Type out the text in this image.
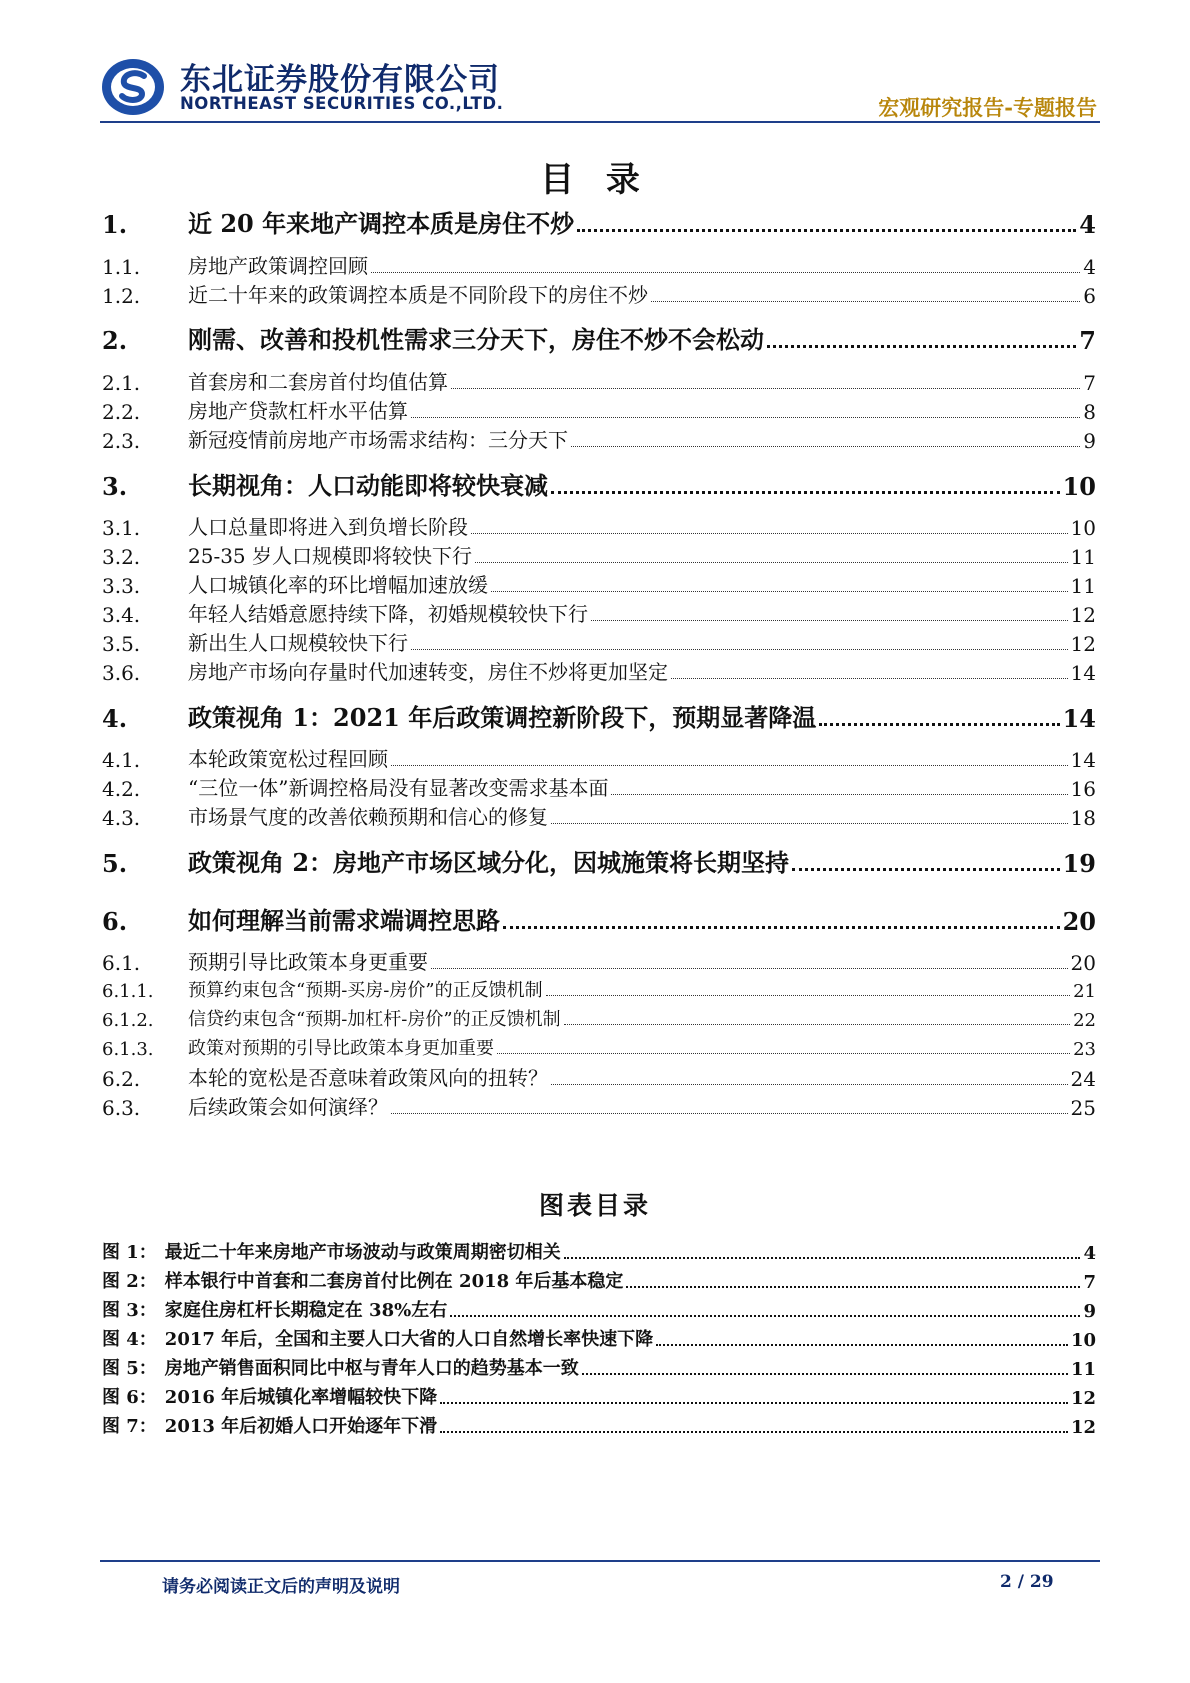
东北证券股份有限公司
NORTHEAST SECURITIES CO.,LTD.	宏观研究报告-专题报告
目 录
1.	近 20 年来地产调控本质是房住不炒	4
1.1.	房地产政策调控回顾	4
1.2.	近二十年来的政策调控本质是不同阶段下的房住不炒	6
2.	刚需、改善和投机性需求三分天下，房住不炒不会松动	7
2.1.	首套房和二套房首付均值估算	7
2.2.	房地产贷款杠杆水平估算	8
2.3.	新冠疫情前房地产市场需求结构：三分天下	9
3.	长期视角：人口动能即将较快衰减	10
3.1.	人口总量即将进入到负增长阶段	10
3.2.	25-35 岁人口规模即将较快下行	11
3.3.	人口城镇化率的环比增幅加速放缓	11
3.4.	年轻人结婚意愿持续下降，初婚规模较快下行	12
3.5.	新出生人口规模较快下行	12
3.6.	房地产市场向存量时代加速转变，房住不炒将更加坚定	14
4.	政策视角 1：2021 年后政策调控新阶段下，预期显著降温	14
4.1.	本轮政策宽松过程回顾	14
4.2.	“三位一体”新调控格局没有显著改变需求基本面	16
4.3.	市场景气度的改善依赖预期和信心的修复	18
5.	政策视角 2：房地产市场区域分化，因城施策将长期坚持	19
6.	如何理解当前需求端调控思路	20
6.1.	预期引导比政策本身更重要	20
6.1.1.	预算约束包含“预期-买房-房价”的正反馈机制	21
6.1.2.	信贷约束包含“预期-加杠杆-房价”的正反馈机制	22
6.1.3.	政策对预期的引导比政策本身更加重要	23
6.2.	本轮的宽松是否意味着政策风向的扭转？	24
6.3.	后续政策会如何演绎？	25
图表目录
图 1： 最近二十年来房地产市场波动与政策周期密切相关	4
图 2： 样本银行中首套和二套房首付比例在 2018 年后基本稳定	7
图 3： 家庭住房杠杆长期稳定在 38%左右	9
图 4： 2017 年后，全国和主要人口大省的人口自然增长率快速下降	10
图 5： 房地产销售面积同比中枢与青年人口的趋势基本一致	11
图 6： 2016 年后城镇化率增幅较快下降	12
图 7： 2013 年后初婚人口开始逐年下滑	12
请务必阅读正文后的声明及说明	2 / 29
